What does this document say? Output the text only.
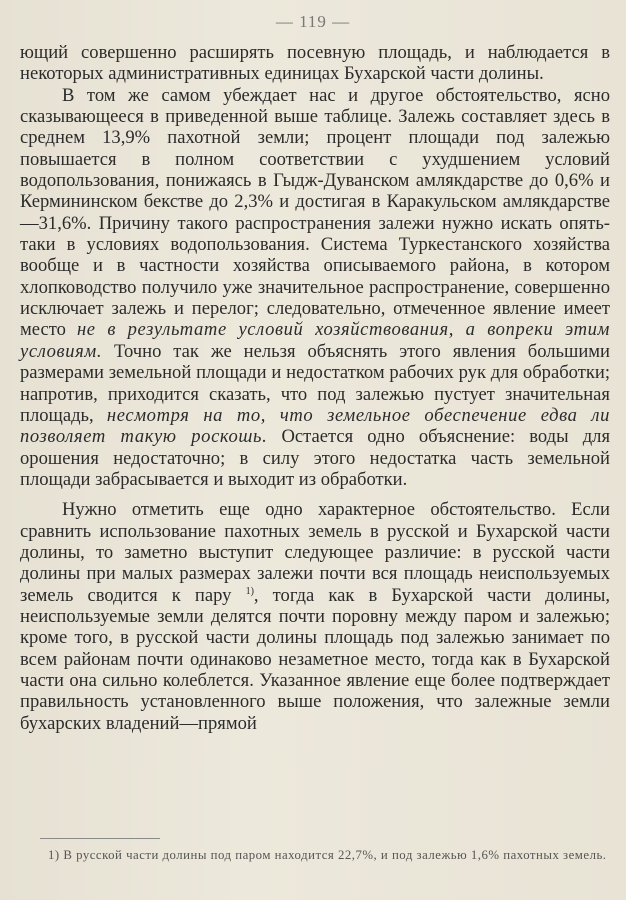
— 119 —

ющий совершенно расширять посевную площадь, и наблюдается в некоторых административных единицах Бухарской части долины.

В том же самом убеждает нас и другое обстоятельство, ясно сказывающееся в приведенной выше таблице. Залежь составляет здесь в среднем 13,9% пахотной земли; процент площади под залежью повышается в полном соответствии с ухудшением условий водопользования, понижаясь в Гыдж-Дуванском амлякдарстве до 0,6% и Кермининском бекстве до 2,3% и достигая в Каракульском амлякдарстве—31,6%. Причину такого распространения залежи нужно искать опять-таки в условиях водопользования. Система Туркестанского хозяйства вообще и в частности хозяйства описываемого района, в котором хлопководство получило уже значительное распространение, совершенно исключает залежь и перелог; следовательно, отмеченное явление имеет место не в результате условий хозяйствования, а вопреки этим условиям. Точно так же нельзя объяснять этого явления большими размерами земельной площади и недостатком рабочих рук для обработки; напротив, приходится сказать, что под залежью пустует значительная площадь, несмотря на то, что земельное обеспечение едва ли позволяет такую роскошь. Остается одно объяснение: воды для орошения недостаточно; в силу этого недостатка часть земельной площади забрасывается и выходит из обработки.

Нужно отметить еще одно характерное обстоятельство. Если сравнить использование пахотных земель в русской и Бухарской части долины, то заметно выступит следующее различие: в русской части долины при малых размерах залежи почти вся площадь неиспользуемых земель сводится к пару $^{1)}$, тогда как в Бухарской части долины, неиспользуемые земли делятся почти поровну между паром и залежью; кроме того, в русской части долины площадь под залежью занимает по всем районам почти одинаково незаметное место, тогда как в Бухарской части она сильно колеблется. Указанное явление еще более подтверждает правильность установленного выше положения, что залежные земли бухарских владений—прямой

1) В русской части долины под паром находится 22,7%, и под залежью 1,6% пахотных земель.
